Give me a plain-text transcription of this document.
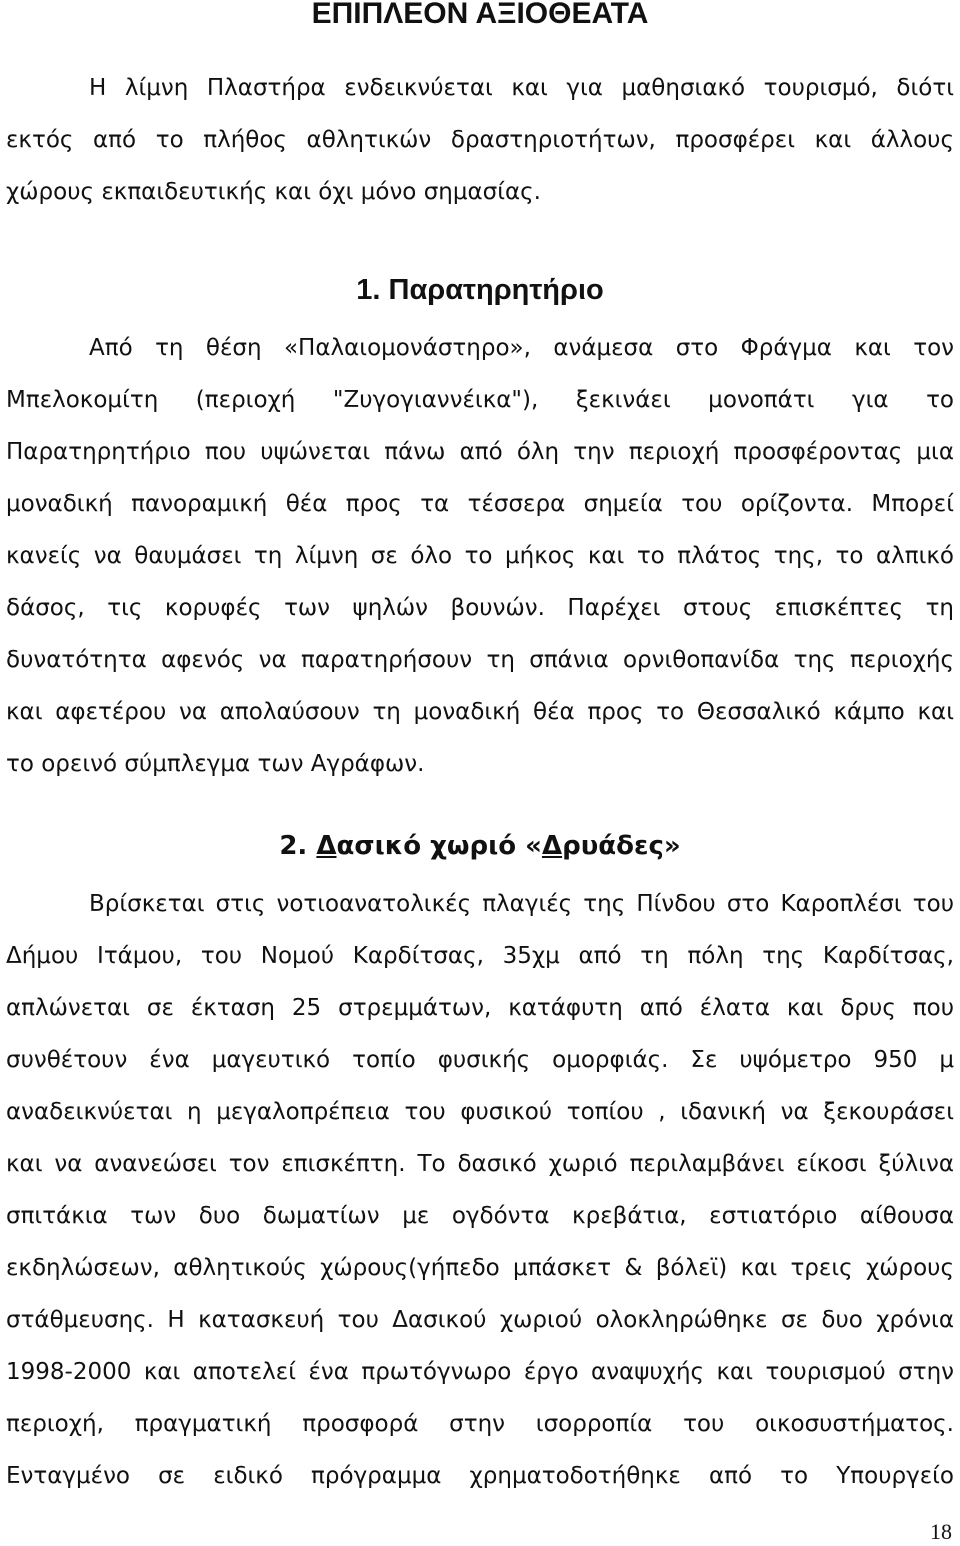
ΕΠΙΠΛΕΟΝ ΑΞΙΟΘΕΑΤΑ
Η λίμνη Πλαστήρα ενδεικνύεται και για μαθησιακό τουρισμό, διότι
εκτός από το πλήθος αθλητικών δραστηριοτήτων, προσφέρει και άλλους
χώρους εκπαιδευτικής και όχι μόνο σημασίας.
1. Παρατηρητήριο
Από τη θέση «Παλαιομονάστηρο», ανάμεσα στο Φράγμα και τον
Μπελοκομίτη (περιοχή "Ζυγογιαννέικα"), ξεκινάει μονοπάτι για το
Παρατηρητήριο που υψώνεται πάνω από όλη την περιοχή προσφέροντας μια
μοναδική πανοραμική θέα προς τα τέσσερα σημεία του ορίζοντα. Μπορεί
κανείς να θαυμάσει τη λίμνη σε όλο το μήκος και το πλάτος της, το αλπικό
δάσος, τις κορυφές των ψηλών βουνών. Παρέχει στους επισκέπτες τη
δυνατότητα αφενός να παρατηρήσουν τη σπάνια ορνιθοπανίδα της περιοχής
και αφετέρου να απολαύσουν τη μοναδική θέα προς το Θεσσαλικό κάμπο και
το ορεινό σύμπλεγμα των Αγράφων.
2. Δασικό χωριό «Δρυάδες»
Βρίσκεται στις νοτιοανατολικές πλαγιές της Πίνδου στο Καροπλέσι του
Δήμου Ιτάμου, του Νομού Καρδίτσας, 35χμ από τη πόλη της Καρδίτσας,
απλώνεται σε έκταση 25 στρεμμάτων, κατάφυτη από έλατα και δρυς που
συνθέτουν ένα μαγευτικό τοπίο φυσικής ομορφιάς. Σε υψόμετρο 950 μ
αναδεικνύεται η μεγαλοπρέπεια του φυσικού τοπίου , ιδανική να ξεκουράσει
και να ανανεώσει τον επισκέπτη. Το δασικό χωριό περιλαμβάνει είκοσι ξύλινα
σπιτάκια των δυο δωματίων με ογδόντα κρεβάτια, εστιατόριο αίθουσα
εκδηλώσεων, αθλητικούς χώρους(γήπεδο μπάσκετ & βόλεϊ) και τρεις χώρους
στάθμευσης. Η κατασκευή του Δασικού χωριού ολοκληρώθηκε σε δυο χρόνια
1998-2000 και αποτελεί ένα πρωτόγνωρο έργο αναψυχής και τουρισμού στην
περιοχή, πραγματική προσφορά στην ισορροπία του οικοσυστήματος.
Ενταγμένο σε ειδικό πρόγραμμα χρηματοδοτήθηκε από το Υπουργείο
18
